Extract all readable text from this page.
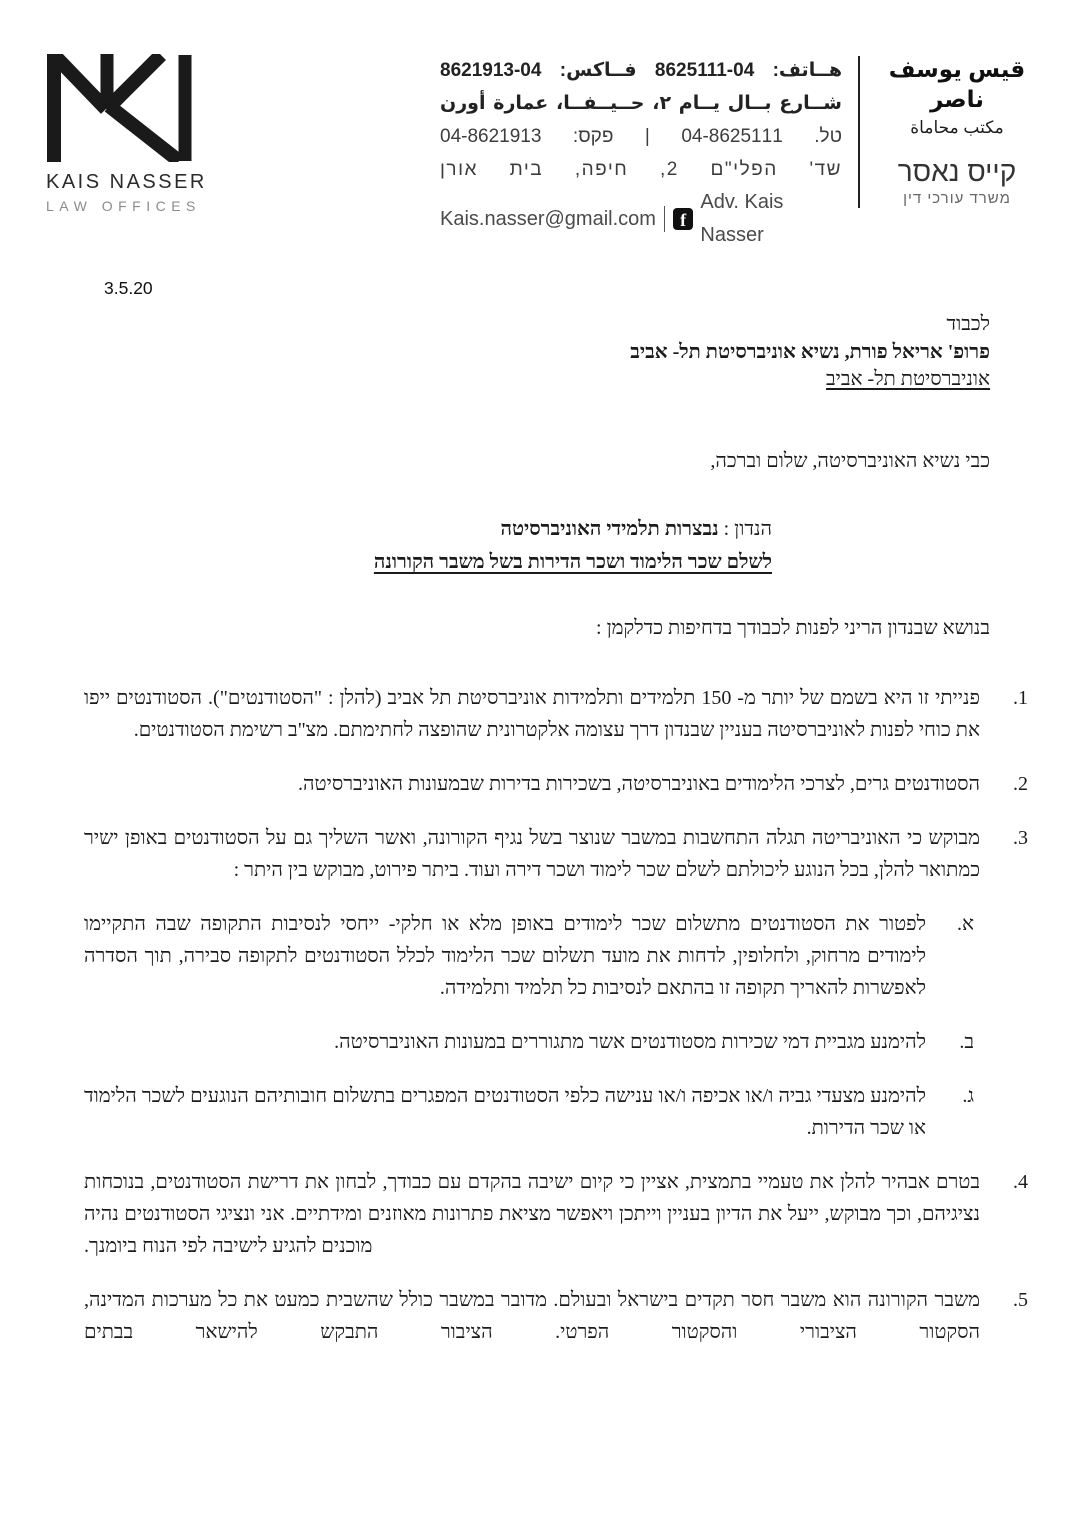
KAIS NASSER
LAW OFFICES
هــاتف: 04-8625111 فــاكس: 04-8621913
شــارع بــال يــام ٢، حــيــفــا، عمارة أورن
טל. 04-8625111 | פקס: 04-8621913
שד' הפלי"ם 2, חיפה, בית אורן
Kais.nasser@gmail.com	f
Adv. Kais Nasser
قيس يوسف ناصر
مكتب محاماة
קייס נאסר
משרד עורכי דין
3.5.20
לכבוד
פרופ' אריאל פורת, נשיא אוניברסיטת תל- אביב
אוניברסיטת תל- אביב
כבי נשיא האוניברסיטה, שלום וברכה,
הנדון : נבצרות תלמידי האוניברסיטה
לשלם שכר הלימוד ושכר הדירות בשל משבר הקורונה
בנושא שבנדון הריני לפנות לכבודך בדחיפות כדלקמן :
1.
פנייתי זו היא בשמם של יותר מ- 150 תלמידים ותלמידות אוניברסיטת תל אביב (להלן : "הסטודנטים"). הסטודנטים ייפו את כוחי לפנות לאוניברסיטה בעניין שבנדון דרך עצומה אלקטרונית שהופצה לחתימתם. מצ"ב רשימת הסטודנטים.
2.
הסטודנטים גרים, לצרכי הלימודים באוניברסיטה, בשכירות בדירות שבמעונות האוניברסיטה.
3.
מבוקש כי האוניבריטה תגלה התחשבות במשבר שנוצר בשל נגיף הקורונה, ואשר השליך גם על הסטודנטים באופן ישיר כמתואר להלן, בכל הנוגע ליכולתם לשלם שכר לימוד ושכר דירה ועוד. ביתר פירוט, מבוקש בין היתר :
א.
לפטור את הסטודנטים מתשלום שכר לימודים באופן מלא או חלקי- ייחסי לנסיבות התקופה שבה התקיימו לימודים מרחוק, ולחלופין, לדחות את מועד תשלום שכר הלימוד לכלל הסטודנטים לתקופה סבירה, תוך הסדרה לאפשרות להאריך תקופה זו בהתאם לנסיבות כל תלמיד ותלמידה.
ב.
להימנע מגביית דמי שכירות מסטודנטים אשר מתגוררים במעונות האוניברסיטה.
ג.
להימנע מצעדי גביה ו/או אכיפה ו/או ענישה כלפי הסטודנטים המפגרים בתשלום חובותיהם הנוגעים לשכר הלימוד או שכר הדירות.
4.
בטרם אבהיר להלן את טעמיי בתמצית, אציין כי קיום ישיבה בהקדם עם כבודך, לבחון את דרישת הסטודנטים, בנוכחות נציגיהם, וכך מבוקש, ייעל את הדיון בעניין וייתכן ויאפשר מציאת פתרונות מאוזנים ומידתיים. אני ונציגי הסטודנטים נהיה מוכנים להגיע לישיבה לפי הנוח ביומנך.
5.
משבר הקורונה הוא משבר חסר תקדים בישראל ובעולם. מדובר במשבר כולל שהשבית כמעט את כל מערכות המדינה, הסקטור הציבורי והסקטור הפרטי. הציבור התבקש להישאר בבתים
